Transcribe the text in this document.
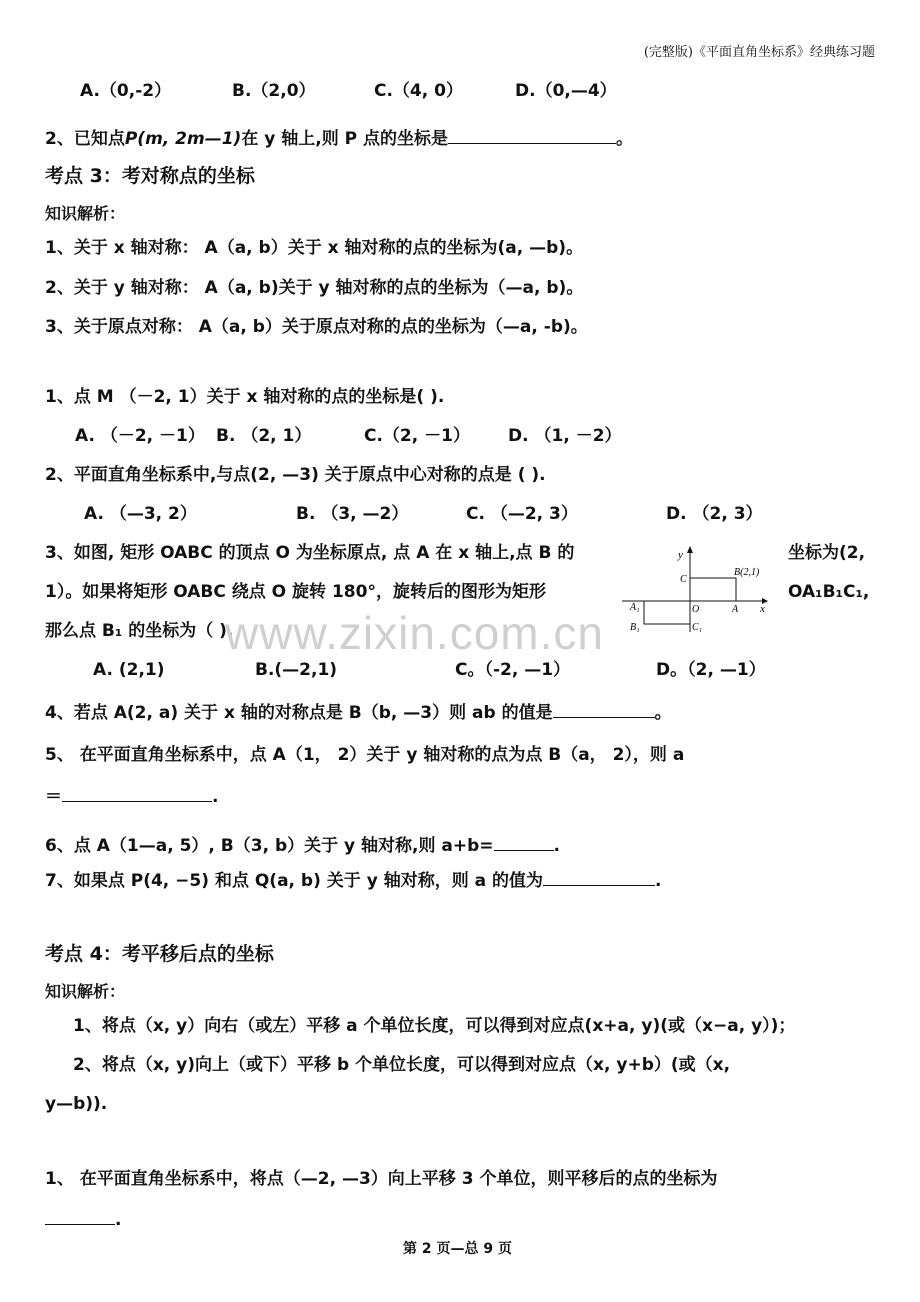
(完整版)《平面直角坐标系》经典练习题
A.（0,-2）	B.（2,0）	C.（4, 0）	D.（0,—4）
2、已知点P(m, 2m—1)在 y 轴上,则 P 点的坐标是	。
考点 3：考对称点的坐标
知识解析：
1、关于 x 轴对称： A（a, b）关于 x 轴对称的点的坐标为(a, —b)。
2、关于 y 轴对称： A（a, b)关于 y 轴对称的点的坐标为（—a, b)。
3、关于原点对称： A（a, b）关于原点对称的点的坐标为（—a, -b)。
1、点 M （－2, 1）关于 x 轴对称的点的坐标是( ).
A. （－2, －1） B. （2, 1）	C.（2, －1） D. （1, －2）
2、平面直角坐标系中,与点(2, —3) 关于原点中心对称的点是 ( ).
A. （—3, 2）	B. （3, —2）	C. （—2, 3）	D. （2, 3）
3、如图, 矩形 OABC 的顶点 O 为坐标原点, 点 A 在 x 轴上,点 B 的	坐标为(2,
1）。如果将矩形 OABC 绕点 O 旋转 180°，旋转后的图形为矩形	OA₁B₁C₁,
那么点 B₁ 的坐标为（ ).
A. (2,1)	B.(—2,1)	C。（-2, —1）	D。（2, —1）
y
x
O	A
B(2,1)
C
A₁
B₁	C₁
4、若点 A(2, a) 关于 x 轴的对称点是 B（b, —3）则 ab 的值是	。
5、 在平面直角坐标系中，点 A（1， 2）关于 y 轴对称的点为点 B（a， 2），则 a
＝	.
6、点 A（1—a, 5）, B（3, b）关于 y 轴对称,则 a+b=	.
7、如果点 P(4, −5) 和点 Q(a, b) 关于 y 轴对称，则 a 的值为	.
考点 4：考平移后点的坐标
知识解析：
1、将点（x, y）向右（或左）平移 a 个单位长度，可以得到对应点(x+a, y)(或（x−a, y）)；
2、将点（x, y)向上（或下）平移 b 个单位长度，可以得到对应点（x, y+b）(或（x,
y—b)).
1、 在平面直角坐标系中，将点（—2, —3）向上平移 3 个单位，则平移后的点的坐标为
.
www.zixin.com.cn
第 2 页—总 9 页
